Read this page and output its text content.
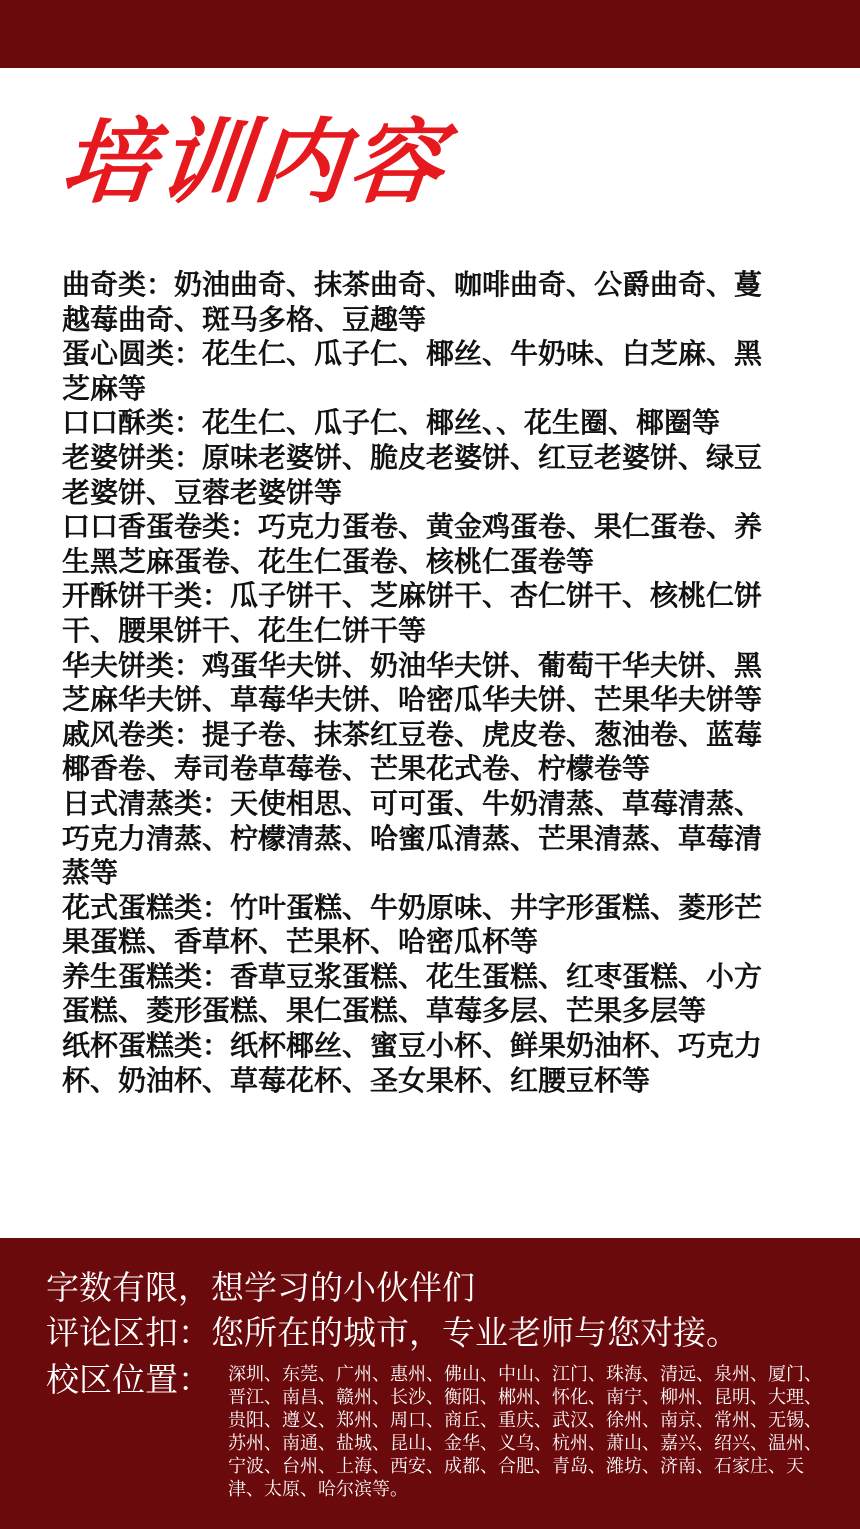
培训内容

曲奇类：奶油曲奇、抹茶曲奇、咖啡曲奇、公爵曲奇、蔓越莓曲奇、斑马多格、豆趣等

蛋心圆类：花生仁、瓜子仁、椰丝、牛奶味、白芝麻、黑芝麻等

口口酥类：花生仁、瓜子仁、椰丝、、花生圈、椰圈等

老婆饼类：原味老婆饼、脆皮老婆饼、红豆老婆饼、绿豆老婆饼、豆蓉老婆饼等

口口香蛋卷类：巧克力蛋卷、黄金鸡蛋卷、果仁蛋卷、养生黑芝麻蛋卷、花生仁蛋卷、核桃仁蛋卷等

开酥饼干类：瓜子饼干、芝麻饼干、杏仁饼干、核桃仁饼干、腰果饼干、花生仁饼干等

华夫饼类：鸡蛋华夫饼、奶油华夫饼、葡萄干华夫饼、黑芝麻华夫饼、草莓华夫饼、哈密瓜华夫饼、芒果华夫饼等

戚风卷类：提子卷、抹茶红豆卷、虎皮卷、葱油卷、蓝莓椰香卷、寿司卷草莓卷、芒果花式卷、柠檬卷等

日式清蒸类：天使相思、可可蛋、牛奶清蒸、草莓清蒸、巧克力清蒸、柠檬清蒸、哈蜜瓜清蒸、芒果清蒸、草莓清蒸等

花式蛋糕类：竹叶蛋糕、牛奶原味、井字形蛋糕、菱形芒果蛋糕、香草杯、芒果杯、哈密瓜杯等

养生蛋糕类：香草豆浆蛋糕、花生蛋糕、红枣蛋糕、小方蛋糕、菱形蛋糕、果仁蛋糕、草莓多层、芒果多层等

纸杯蛋糕类：纸杯椰丝、蜜豆小杯、鲜果奶油杯、巧克力杯、奶油杯、草莓花杯、圣女果杯、红腰豆杯等

字数有限，想学习的小伙伴们
评论区扣：您所在的城市，专业老师与您对接。
校区位置： 深圳、东莞、广州、惠州、佛山、中山、江门、珠海、清远、泉州、厦门、晋江、南昌、赣州、长沙、衡阳、郴州、怀化、南宁、柳州、昆明、大理、贵阳、遵义、郑州、周口、商丘、重庆、武汉、徐州、南京、常州、无锡、苏州、南通、盐城、昆山、金华、义乌、杭州、萧山、嘉兴、绍兴、温州、宁波、台州、上海、西安、成都、合肥、青岛、潍坊、济南、石家庄、天津、太原、哈尔滨等。
